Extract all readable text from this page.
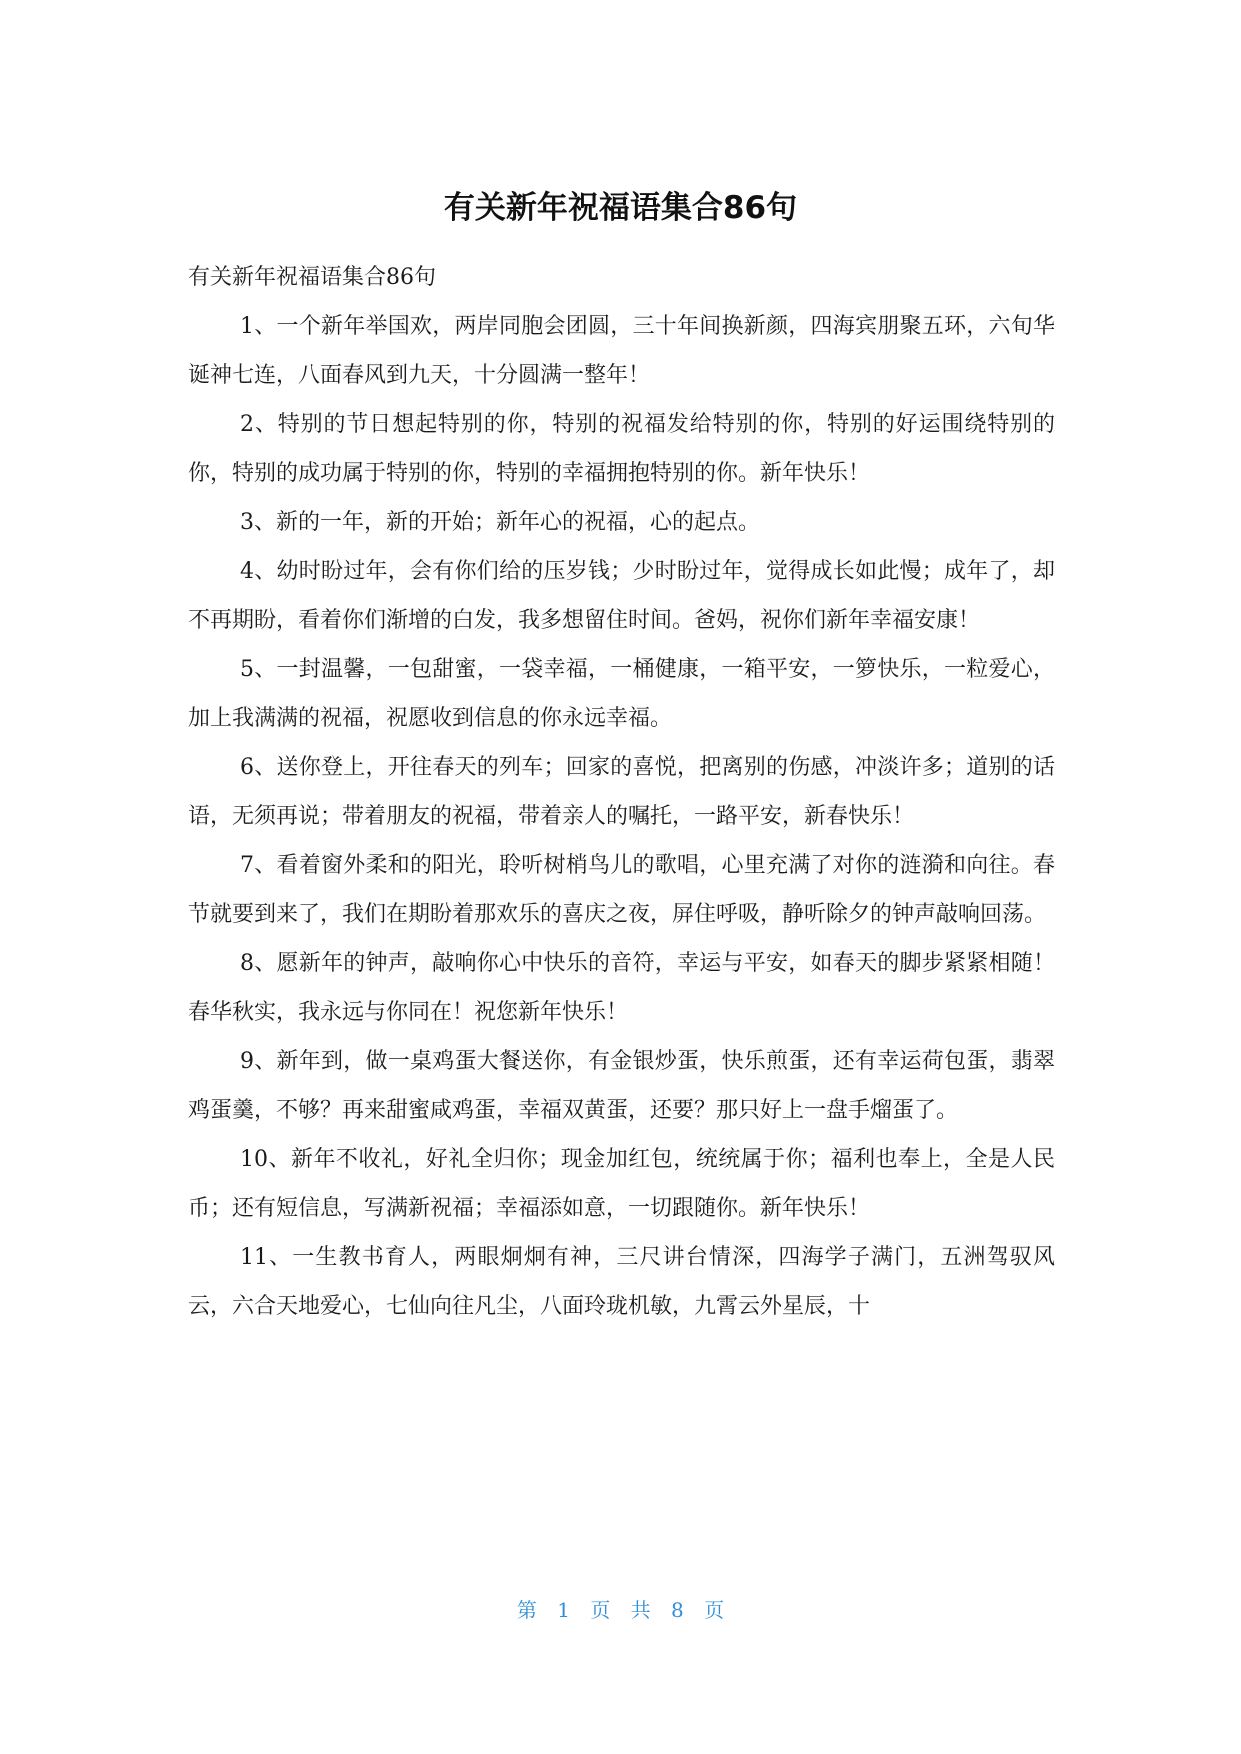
有关新年祝福语集合86句

有关新年祝福语集合86句

1、一个新年举国欢，两岸同胞会团圆，三十年间换新颜，四海宾朋聚五环，六旬华诞神七连，八面春风到九天，十分圆满一整年！

2、特别的节日想起特别的你，特别的祝福发给特别的你，特别的好运围绕特别的你，特别的成功属于特别的你，特别的幸福拥抱特别的你。新年快乐！

3、新的一年，新的开始；新年心的祝福，心的起点。

4、幼时盼过年，会有你们给的压岁钱；少时盼过年，觉得成长如此慢；成年了，却不再期盼，看着你们渐增的白发，我多想留住时间。爸妈，祝你们新年幸福安康！

5、一封温馨，一包甜蜜，一袋幸福，一桶健康，一箱平安，一箩快乐，一粒爱心，加上我满满的祝福，祝愿收到信息的你永远幸福。

6、送你登上，开往春天的列车；回家的喜悦，把离别的伤感，冲淡许多；道别的话语，无须再说；带着朋友的祝福，带着亲人的嘱托，一路平安，新春快乐！

7、看着窗外柔和的阳光，聆听树梢鸟儿的歌唱，心里充满了对你的涟漪和向往。春节就要到来了，我们在期盼着那欢乐的喜庆之夜，屏住呼吸，静听除夕的钟声敲响回荡。

8、愿新年的钟声，敲响你心中快乐的音符，幸运与平安，如春天的脚步紧紧相随！春华秋实，我永远与你同在！祝您新年快乐！

9、新年到，做一桌鸡蛋大餐送你，有金银炒蛋，快乐煎蛋，还有幸运荷包蛋，翡翠鸡蛋羹，不够？再来甜蜜咸鸡蛋，幸福双黄蛋，还要？那只好上一盘手熘蛋了。

10、新年不收礼，好礼全归你；现金加红包，统统属于你；福利也奉上，全是人民币；还有短信息，写满新祝福；幸福添如意，一切跟随你。新年快乐！

11、一生教书育人，两眼炯炯有神，三尺讲台情深，四海学子满门，五洲驾驭风云，六合天地爱心，七仙向往凡尘，八面玲珑机敏，九霄云外星辰，十

第 1 页 共 8 页
